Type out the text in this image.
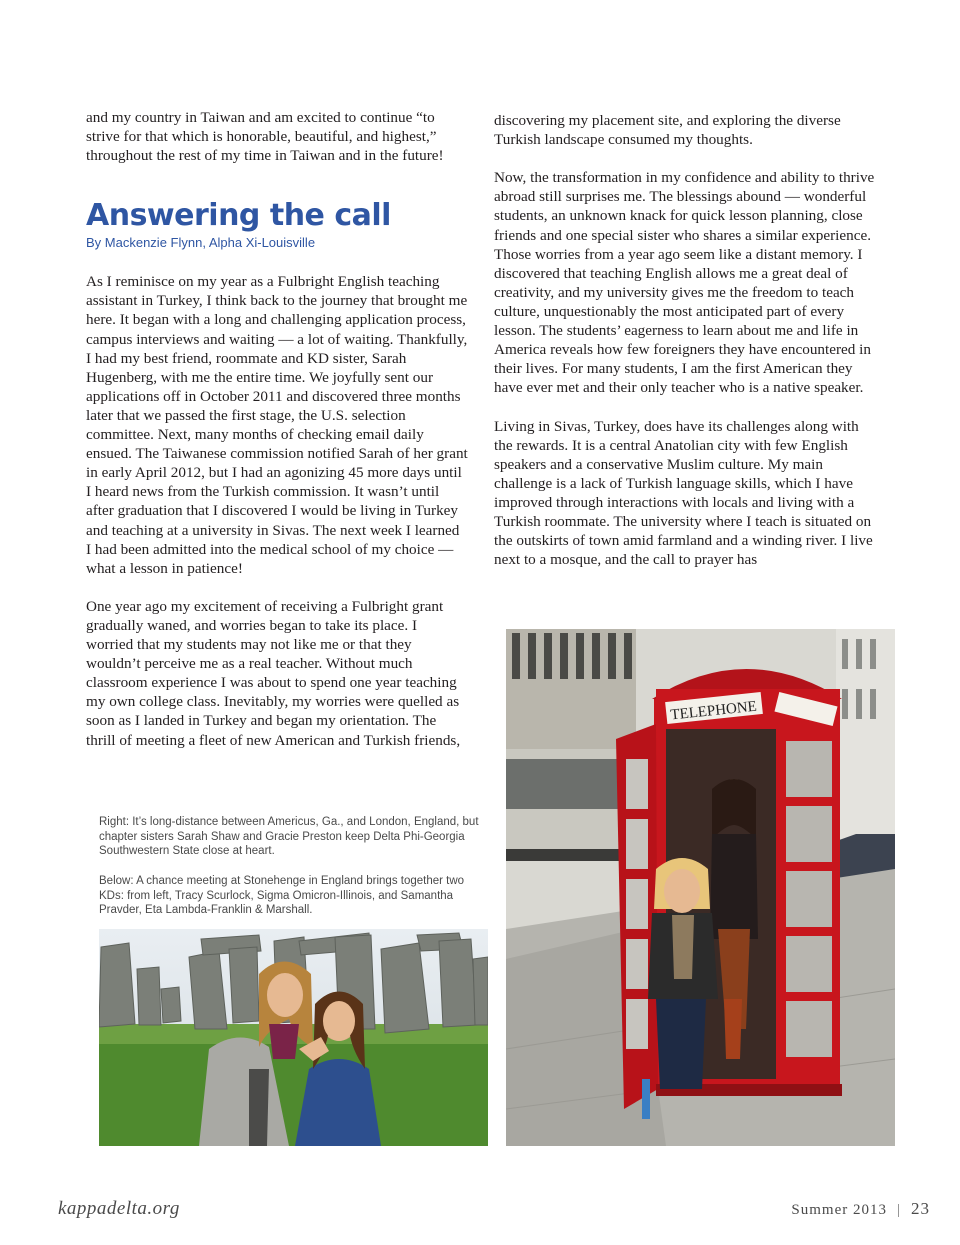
and my country in Taiwan and am excited to continue “to strive for that which is honorable, beautiful, and highest,” throughout the rest of my time in Taiwan and in the future!

Answering the call
By Mackenzie Flynn, Alpha Xi-Louisville

As I reminisce on my year as a Fulbright English teaching assistant in Turkey, I think back to the journey that brought me here. It began with a long and challenging application process, campus interviews and waiting — a lot of waiting. Thankfully, I had my best friend, roommate and KD sister, Sarah Hugenberg, with me the entire time. We joyfully sent our applications off in October 2011 and discovered three months later that we passed the first stage, the U.S. selection committee. Next, many months of checking email daily ensued. The Taiwanese commission notified Sarah of her grant in early April 2012, but I had an agonizing 45 more days until I heard news from the Turkish commission. It wasn’t until after graduation that I discovered I would be living in Turkey and teaching at a university in Sivas. The next week I learned I had been admitted into the medical school of my choice — what a lesson in patience!

One year ago my excitement of receiving a Fulbright grant gradually waned, and worries began to take its place. I worried that my students may not like me or that they wouldn’t perceive me as a real teacher. Without much classroom experience I was about to spend one year teaching my own college class. Inevitably, my worries were quelled as soon as I landed in Turkey and began my orientation. The thrill of meeting a fleet of new American and Turkish friends,

discovering my placement site, and exploring the diverse Turkish landscape consumed my thoughts.

Now, the transformation in my confidence and ability to thrive abroad still surprises me. The blessings abound — wonderful students, an unknown knack for quick lesson planning, close friends and one special sister who shares a similar experience. Those worries from a year ago seem like a distant memory. I discovered that teaching English allows me a great deal of creativity, and my university gives me the freedom to teach culture, unquestionably the most anticipated part of every lesson. The students’ eagerness to learn about me and life in America reveals how few foreigners they have encountered in their lives. For many students, I am the first American they have ever met and their only teacher who is a native speaker.

Living in Sivas, Turkey, does have its challenges along with the rewards. It is a central Anatolian city with few English speakers and a conservative Muslim culture. My main challenge is a lack of Turkish language skills, which I have improved through interactions with locals and living with a Turkish roommate. The university where I teach is situated on the outskirts of town amid farmland and a winding river. I live next to a mosque, and the call to prayer has

Right: It’s long-distance between Americus, Ga., and London, England, but chapter sisters Sarah Shaw and Gracie Preston keep Delta Phi-Georgia Southwestern State close at heart.

Below: A chance meeting at Stonehenge in England brings together two KDs: from left, Tracy Scurlock, Sigma Omicron-Illinois, and Samantha Pravder, Eta Lambda-Franklin & Marshall.

TELEPHONE
kappadelta.org	Summer 2013 | 23
